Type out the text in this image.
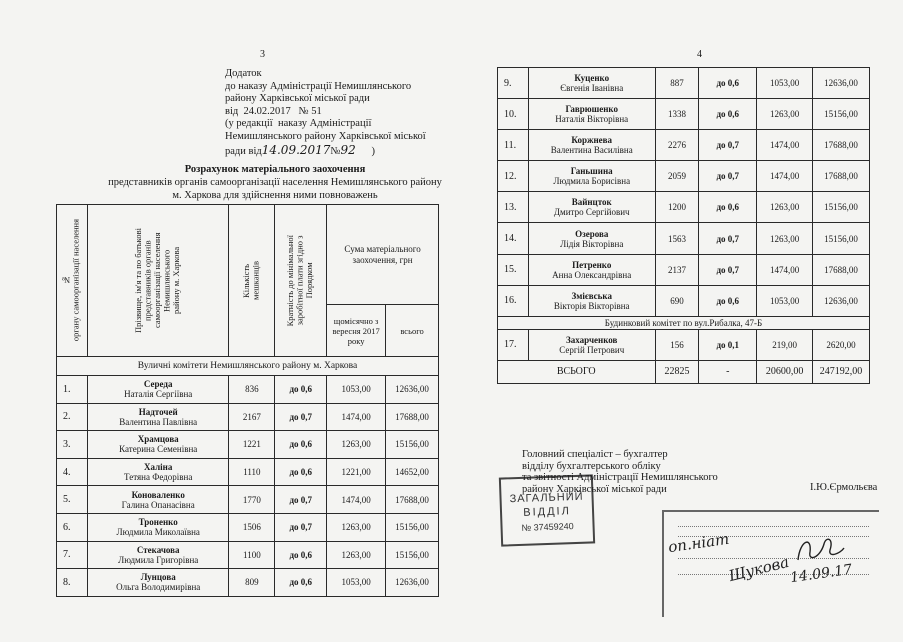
3	4
Додаток
до наказу Адміністрації Немишлянського
району Харківської міської ради
від  24.02.2017   № 51
(у редакції  наказу Адміністрації
Немишлянського району Харківської міської
ради від14.09.2017№92 )
Розрахунок матеріального заохочення
представників органів самоорганізації населення Немишлянського району
м. Харкова для здійснення ними повноважень
№
органу самоорганізації населення	Прізвище, ім'я та по батькові
представників органів
самоорганізації населення
Немишлянського
району м. Харкова	Кількість
мешканців	Кратність до мінімальної
заробітної плати згідно з
Порядком	Сума матеріального
заохочення, грн	
				щомісячно з вересня 2017 року	всього
Вуличні комітети Немишлянського району м. Харкова					
1.	Середа
Наталія Сергіївна	836	до 0,6	1053,00	12636,00
2.	Надточей
Валентина Павлівна	2167	до 0,7	1474,00	17688,00
3.	Храмцова
Катерина Семенівна	1221	до 0,6	1263,00	15156,00
4.	Халіна
Тетяна Федорівна	1110	до 0,6	1221,00	14652,00
5.	Коноваленко
Галина Опанасівна	1770	до 0,7	1474,00	17688,00
6.	Троненко
Людмила Миколаївна	1506	до 0,7	1263,00	15156,00
7.	Стекачова
Людмила Григорівна	1100	до 0,6	1263,00	15156,00
8.	Лунцова
Ольга Володимирівна	809	до 0,6	1053,00	12636,00
9.	Куценко
Євгенія Іванівна	887	до 0,6	1053,00	12636,00
10.	Гаврюшенко
Наталія Вікторівна	1338	до 0,6	1263,00	15156,00
11.	Коржнева
Валентина Василівна	2276	до 0,7	1474,00	17688,00
12.	Ганьшина
Людмила Борисівна	2059	до 0,7	1474,00	17688,00
13.	Вайнцток
Дмитро Сергійович	1200	до 0,6	1263,00	15156,00
14.	Озерова
Лідія Вікторівна	1563	до 0,7	1263,00	15156,00
15.	Петренко
Анна Олександрівна	2137	до 0,7	1474,00	17688,00
16.	Змієвська
Вікторія Вікторівна	690	до 0,6	1053,00	12636,00
Будинковий комітет по вул.Рибалка, 47-Б					
17.	Захарченков
Сергій Петрович	156	до 0,1	219,00	2620,00
ВСЬОГО		22825	-	20600,00	247192,00
ЗАГАЛЬНИЙ
ВІДДІЛ
№ 37459240
Головний спеціаліст – бухгалтер
відділу бухгалтерського обліку
та звітності Адміністрації Немишлянського
району Харківської міської ради	І.Ю.Єрмольєва
оп.ніат
Щукова
14.09.17
